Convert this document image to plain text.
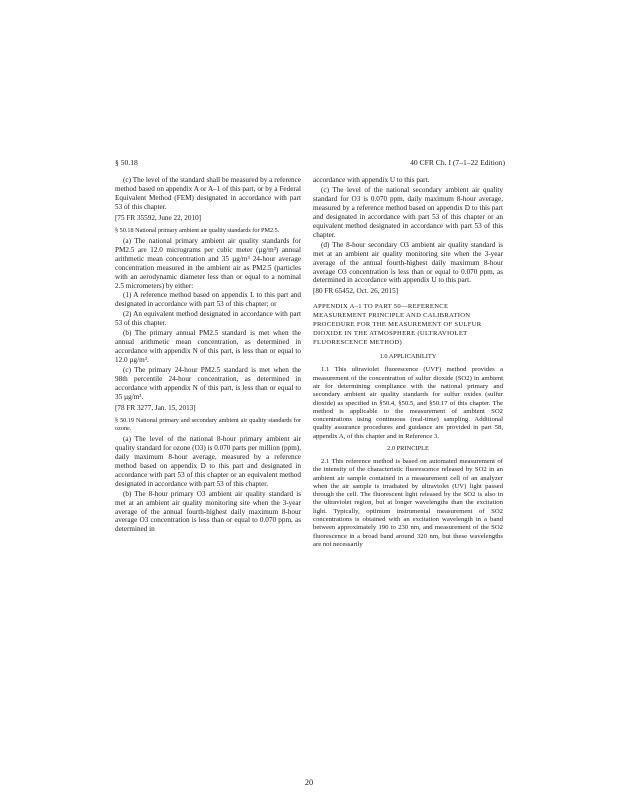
§ 50.18	40 CFR Ch. I (7–1–22 Edition)

(c) The level of the standard shall be measured by a reference method based on appendix A or A–1 of this part, or by a Federal Equivalent Method (FEM) designated in accordance with part 53 of this chapter.

[75 FR 35592, June 22, 2010]

§ 50.18 National primary ambient air quality standards for PM2.5.

(a) The national primary ambient air quality standards for PM2.5 are 12.0 micrograms per cubic meter (µg/m³) annual arithmetic mean concentration and 35 µg/m³ 24-hour average concentration measured in the ambient air as PM2.5 (particles with an aerodynamic diameter less than or equal to a nominal 2.5 micrometers) by either:

(1) A reference method based on appendix L to this part and designated in accordance with part 53 of this chapter; or

(2) An equivalent method designated in accordance with part 53 of this chapter.

(b) The primary annual PM2.5 standard is met when the annual arithmetic mean concentration, as determined in accordance with appendix N of this part, is less than or equal to 12.0 µg/m³.

(c) The primary 24-hour PM2.5 standard is met when the 98th percentile 24-hour concentration, as determined in accordance with appendix N of this part, is less than or equal to 35 µg/m³.

[78 FR 3277, Jan. 15, 2013]

§ 50.19 National primary and secondary ambient air quality standards for ozone.

(a) The level of the national 8-hour primary ambient air quality standard for ozone (O3) is 0.070 parts per million (ppm), daily maximum 8-hour average, measured by a reference method based on appendix D to this part and designated in accordance with part 53 of this chapter or an equivalent method designated in accordance with part 53 of this chapter.

(b) The 8-hour primary O3 ambient air quality standard is met at an ambient air quality monitoring site when the 3-year average of the annual fourth-highest daily maximum 8-hour average O3 concentration is less than or equal to 0.070 ppm, as determined in

accordance with appendix U to this part.

(c) The level of the national secondary ambient air quality standard for O3 is 0.070 ppm, daily maximum 8-hour average, measured by a reference method based on appendix D to this part and designated in accordance with part 53 of this chapter or an equivalent method designated in accordance with part 53 of this chapter.

(d) The 8-hour secondary O3 ambient air quality standard is met at an ambient air quality monitoring site when the 3-year average of the annual fourth-highest daily maximum 8-hour average O3 concentration is less than or equal to 0.070 ppm, as determined in accordance with appendix U to this part.

[80 FR 65452, Oct. 26, 2015]

APPENDIX A–1 TO PART 50—REFERENCE MEASUREMENT PRINCIPLE AND CALIBRATION PROCEDURE FOR THE MEASUREMENT OF SULFUR DIOXIDE IN THE ATMOSPHERE (ULTRAVIOLET FLUORESCENCE METHOD)

1.0 APPLICABILITY

1.1 This ultraviolet fluorescence (UVF) method provides a measurement of the concentration of sulfur dioxide (SO2) in ambient air for determining compliance with the national primary and secondary ambient air quality standards for sulfur oxides (sulfur dioxide) as specified in §50.4, §50.5, and §50.17 of this chapter. The method is applicable to the measurement of ambient SO2 concentrations using continuous (real-time) sampling. Additional quality assurance procedures and guidance are provided in part 58, appendix A, of this chapter and in Reference 3.

2.0 PRINCIPLE

2.1 This reference method is based on automated measurement of the intensity of the characteristic fluorescence released by SO2 in an ambient air sample contained in a measurement cell of an analyzer when the air sample is irradiated by ultraviolet (UV) light passed through the cell. The fluorescent light released by the SO2 is also in the ultraviolet region, but at longer wavelengths than the excitation light. Typically, optimum instrumental measurement of SO2 concentrations is obtained with an excitation wavelength in a band between approximately 190 to 230 nm, and measurement of the SO2 fluorescence in a broad band around 320 nm, but these wavelengths are not necessarily

20
